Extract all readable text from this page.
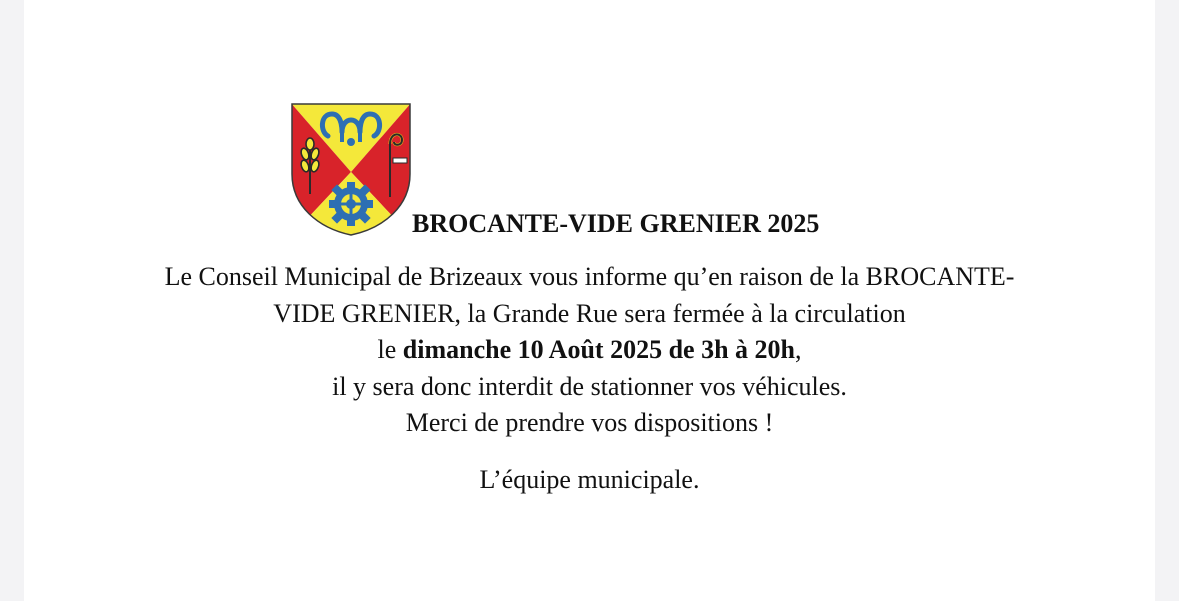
BROCANTE-VIDE GRENIER 2025
Le Conseil Municipal de Brizeaux vous informe qu’en raison de la BROCANTE-
VIDE GRENIER, la Grande Rue sera fermée à la circulation
le dimanche 10 Août 2025 de 3h à 20h,
il y sera donc interdit de stationner vos véhicules.
Merci de prendre vos dispositions !
L’équipe municipale.
